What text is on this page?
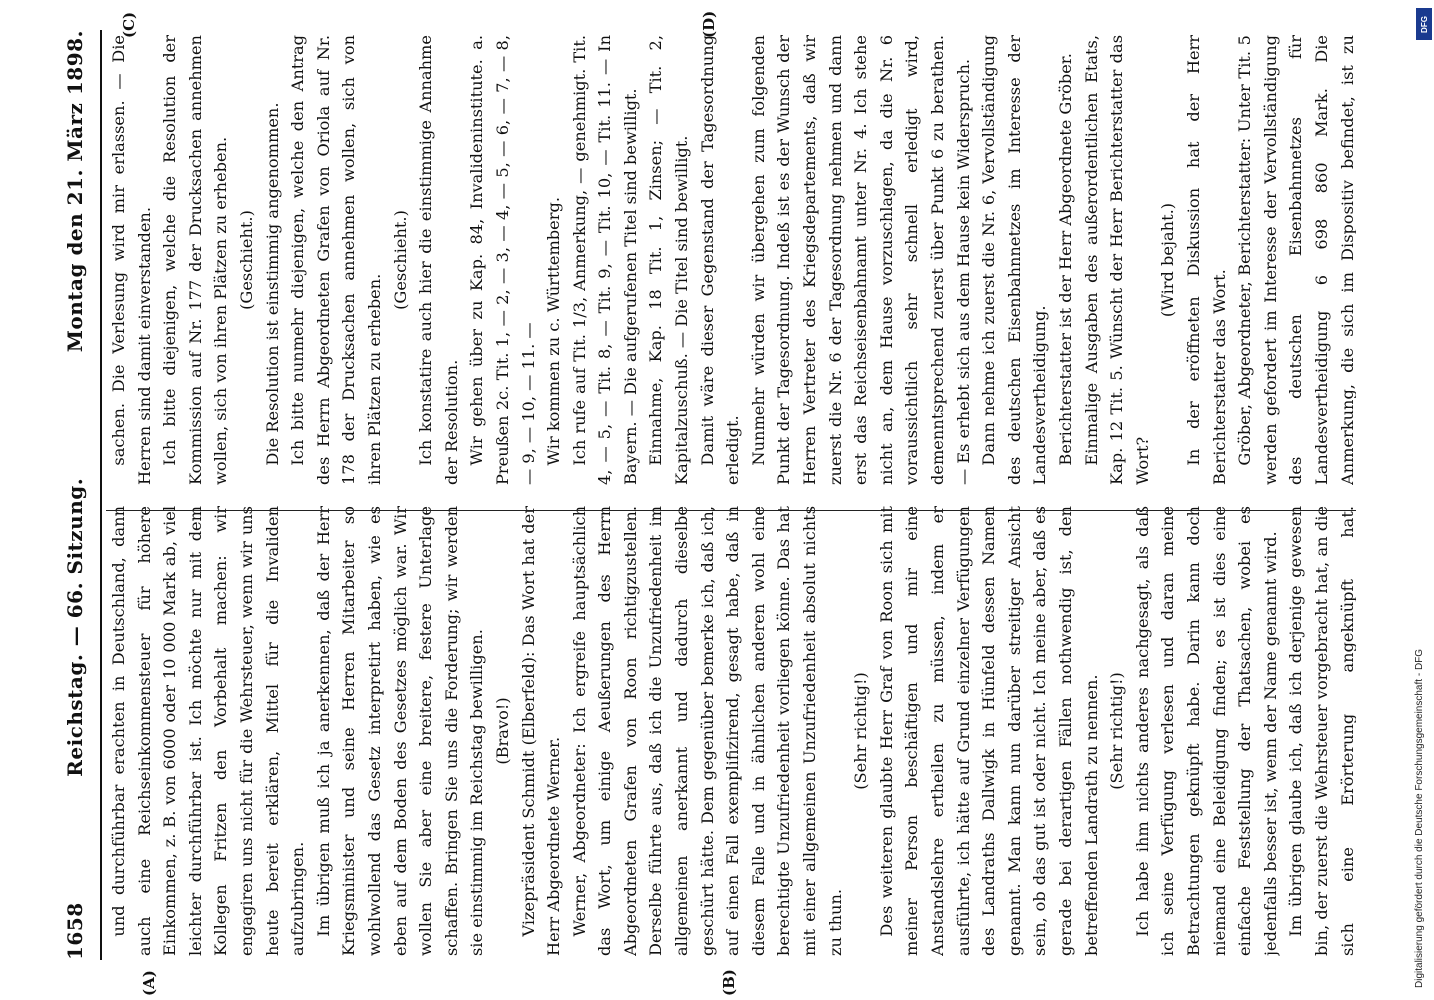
1658
Reichstag. — 66. Sitzung.
Montag den 21. März 1898.

und durchführbar erachten in Deutschland, dann auch eine Reichseinkommensteuer für höhere Einkommen, z. B. von 6000 oder 10 000 Mark ab, viel leichter durchführbar ist. Ich möchte nur mit dem Kollegen Fritzen den Vorbehalt machen: wir engagiren uns nicht für die Wehrsteuer, wenn wir uns heute bereit erklären, Mittel für die Invaliden aufzubringen. Im übrigen muß ich ja anerkennen, daß der Herr Kriegsminister und seine Herren Mitarbeiter so wohlwollend das Gesetz interpretirt haben, wie es eben auf dem Boden des Gesetzes möglich war. Wir wollen Sie aber eine breitere, festere Unterlage schaffen. Bringen Sie uns die Forderung; wir werden sie einstimmig im Reichstag bewilligen. (Bravo!) Vizepräsident Schmidt (Elberfeld): Das Wort hat der Herr Abgeordnete Werner. Werner, Abgeordneter: Ich ergreife hauptsächlich das Wort, um einige Aeußerungen des Herrn Abgeordneten Grafen von Roon richtigzustellen. Derselbe führte aus, daß ich die Unzufriedenheit im allgemeinen anerkannt und dadurch dieselbe geschürt hätte. Dem gegenüber bemerke ich, daß ich, auf einen Fall exemplifizirend, gesagt habe, daß in diesem Falle und in ähnlichen anderen wohl eine berechtigte Unzufriedenheit vorliegen könne. Das hat mit einer allgemeinen Unzufriedenheit absolut nichts zu thun.

(Sehr richtig!) Des weiteren glaubte Herr Graf von Roon sich mit meiner Person beschäftigen und mir eine Anstandslehre ertheilen zu müssen, indem er ausführte, ich hätte auf Grund einzelner Verfügungen des Landraths Dallwigk in Hünfeld dessen Namen genannt. Man kann nun darüber streitiger Ansicht sein, ob das gut ist oder nicht. Ich meine aber, daß es gerade bei derartigen Fällen nothwendig ist, den betreffenden Landrath zu nennen. (Sehr richtig!) Ich habe ihm nichts anderes nachgesagt, als daß ich seine Verfügung verlesen und daran meine Betrachtungen geknüpft habe. Darin kann doch niemand eine Beleidigung finden; es ist dies eine einfache Feststellung der Thatsachen, wobei es jedenfalls besser ist, wenn der Name genannt wird. Im übrigen glaube ich, daß ich derjenige gewesen bin, der zuerst die Wehrsteuer vorgebracht hat, an die sich eine Erörterung angeknüpft hat.

sachen. Die Verlesung wird mir erlassen. — Die Herren sind damit einverstanden. Ich bitte diejenigen, welche die Resolution der Kommission auf Nr. 177 der Drucksachen annehmen wollen, sich von ihren Plätzen zu erheben. (Geschieht.) Die Resolution ist einstimmig angenommen. Ich bitte nunmehr diejenigen, welche den Antrag des Herrn Abgeordneten Grafen von Oriola auf Nr. 178 der Drucksachen annehmen wollen, sich von ihren Plätzen zu erheben.

(Geschieht.) Ich konstatire auch hier die einstimmige Annahme der Resolution. Wir gehen über zu Kap. 84, Invalideninstitute. a. Preußen 2c. Tit. 1, — 2, — 3, — 4, — 5, — 6, — 7, — 8, — 9, — 10, — 11. — Wir kommen zu c. Württemberg. Ich rufe auf Tit. 1/3, Anmerkung, — genehmigt. Tit. 4, — 5, — Tit. 8, — Tit. 9, — Tit. 10, — Tit. 11. — In Bayern. — Die aufgerufenen Titel sind bewilligt. Einnahme, Kap. 18 Tit. 1, Zinsen; — Tit. 2, Kapitalzuschuß. — Die Titel sind bewilligt. Damit wäre dieser Gegenstand der Tagesordnung erledigt. Nunmehr würden wir übergehen zum folgenden Punkt der Tagesordnung. Indeß ist es der Wunsch der Herren Vertreter des Kriegsdepartements, daß wir zuerst die Nr. 6 der Tagesordnung nehmen und dann erst das Reichseisenbahnamt unter Nr. 4. Ich stehe nicht an, dem Hause vorzuschlagen, da die Nr. 6 voraussichtlich sehr schnell erledigt wird, demenntsprechend zuerst über Punkt 6 zu berathen. — Es erhebt sich aus dem Hause kein Widerspruch. Dann nehme ich zuerst die Nr. 6, Vervollständigung des deutschen Eisenbahnnetzes im Interesse der Landesvertheidigung. Berichterstatter ist der Herr Abgeordnete Gröber. Einmalige Ausgaben des außerordentlichen Etats, Kap. 12 Tit. 5. Wünscht der Herr Berichterstatter das Wort?

(Wird bejaht.) In der eröffneten Diskussion hat der Herr Berichterstatter das Wort. Gröber, Abgeordneter, Berichterstatter: Unter Tit. 5 werden gefordert im Interesse der Vervollständigung des deutschen Eisenbahnnetzes für Landesvertheidigung 6 698 860 Mark. Die Anmerkung, die sich im Dispositiv befindet, ist zu

(A)	(B)
(C)	(D)	DFG
Digitalisierung gefördert durch die Deutsche Forschungsgemeinschaft - DFG
